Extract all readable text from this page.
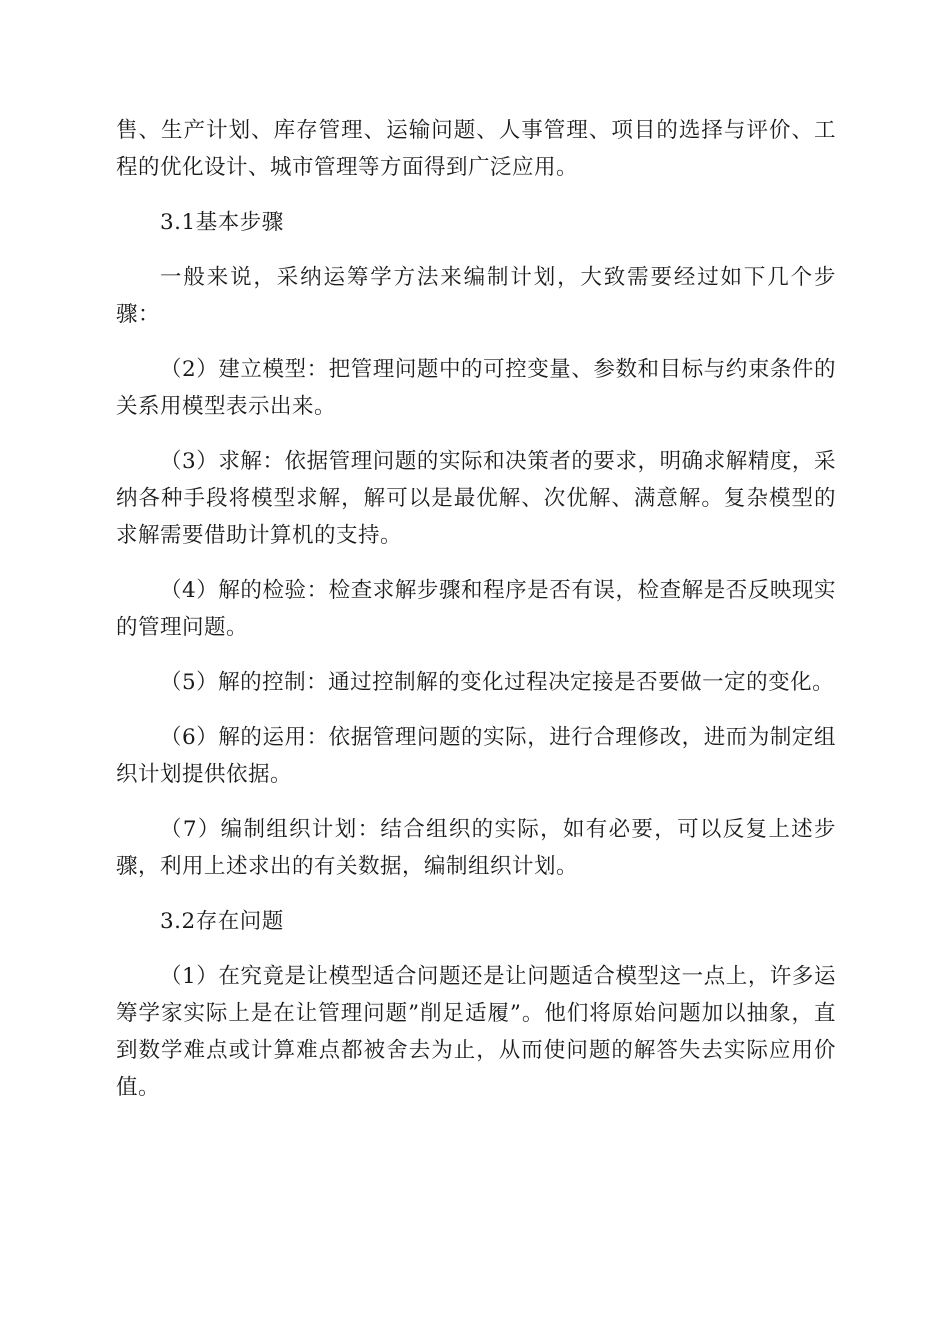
售、生产计划、库存管理、运输问题、人事管理、项目的选择与评价、工程的优化设计、城市管理等方面得到广泛应用。

3.1基本步骤

一般来说，采纳运筹学方法来编制计划，大致需要经过如下几个步骤：

（2）建立模型：把管理问题中的可控变量、参数和目标与约束条件的关系用模型表示出来。

（3）求解：依据管理问题的实际和决策者的要求，明确求解精度，采纳各种手段将模型求解，解可以是最优解、次优解、满意解。复杂模型的求解需要借助计算机的支持。

（4）解的检验：检查求解步骤和程序是否有误，检查解是否反映现实的管理问题。

（5）解的控制：通过控制解的变化过程决定接是否要做一定的变化。

（6）解的运用：依据管理问题的实际，进行合理修改，进而为制定组织计划提供依据。

（7）编制组织计划：结合组织的实际，如有必要，可以反复上述步骤，利用上述求出的有关数据，编制组织计划。

3.2存在问题

（1）在究竟是让模型适合问题还是让问题适合模型这一点上，许多运筹学家实际上是在让管理问题”削足适履”。他们将原始问题加以抽象，直到数学难点或计算难点都被舍去为止，从而使问题的解答失去实际应用价值。
